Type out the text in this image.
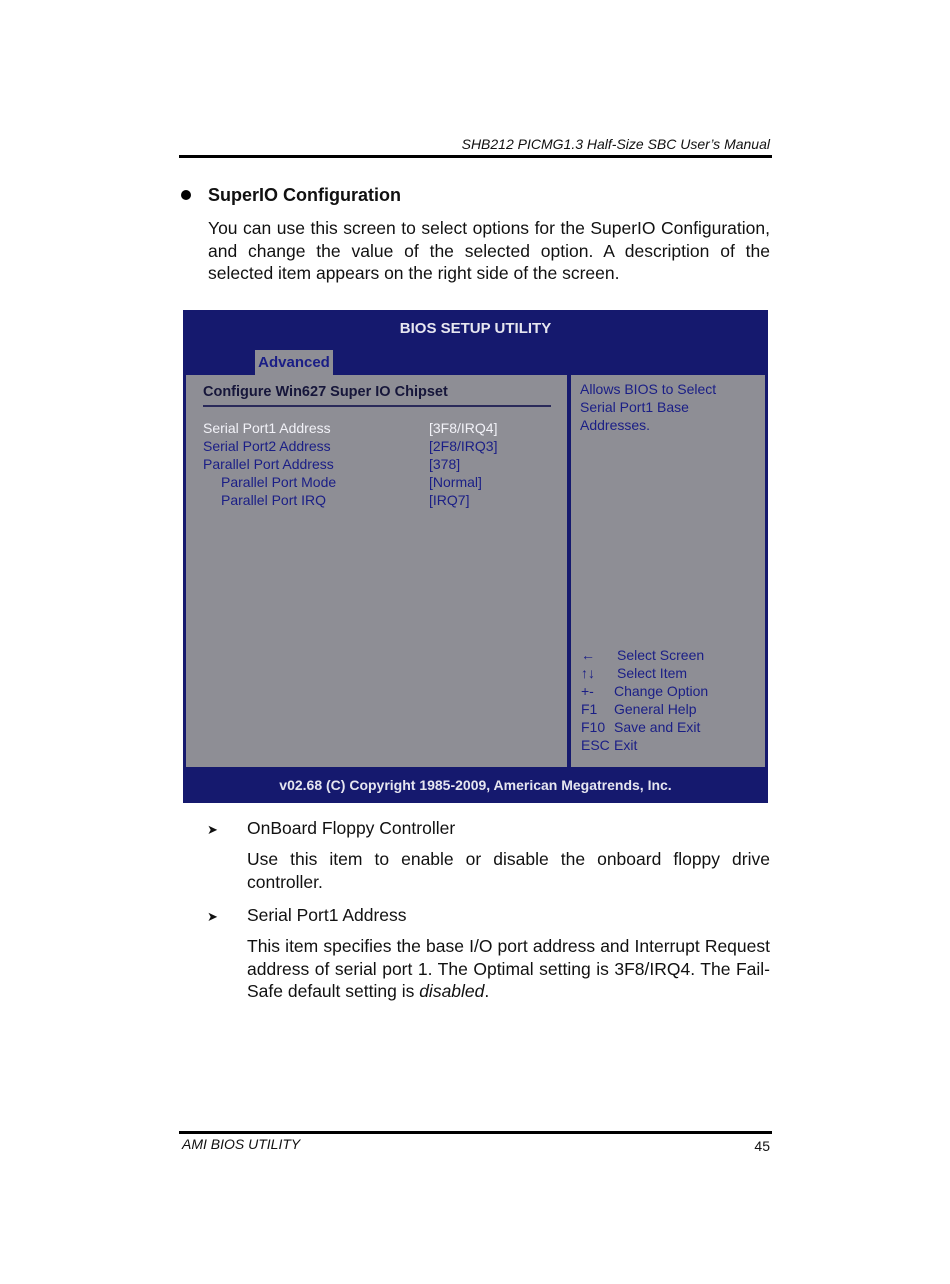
SHB212 PICMG1.3 Half-Size SBC User’s Manual
SuperIO Configuration

You can use this screen to select options for the SuperIO Configuration, and change the value of the selected option. A description of the selected item appears on the right side of the screen.

BIOS SETUP UTILITY
Advanced
Configure Win627 Super IO Chipset
Serial Port1 Address	[3F8/IRQ4]
Serial Port2 Address	[2F8/IRQ3]
Parallel Port Address	[378]
Parallel Port Mode	[Normal]
Parallel Port IRQ	[IRQ7]
Allows BIOS to Select Serial Port1 Base Addresses.
←	Select Screen
↑↓	Select Item
+-	Change Option
F1	General Help
F10 Save and Exit
ESC Exit
v02.68 (C) Copyright 1985-2009, American Megatrends, Inc.
➤ OnBoard Floppy Controller

Use this item to enable or disable the onboard floppy drive controller.

➤ Serial Port1 Address

This item specifies the base I/O port address and Interrupt Request address of serial port 1. The Optimal setting is 3F8/IRQ4. The Fail-Safe default setting is disabled.

AMI BIOS UTILITY	45
